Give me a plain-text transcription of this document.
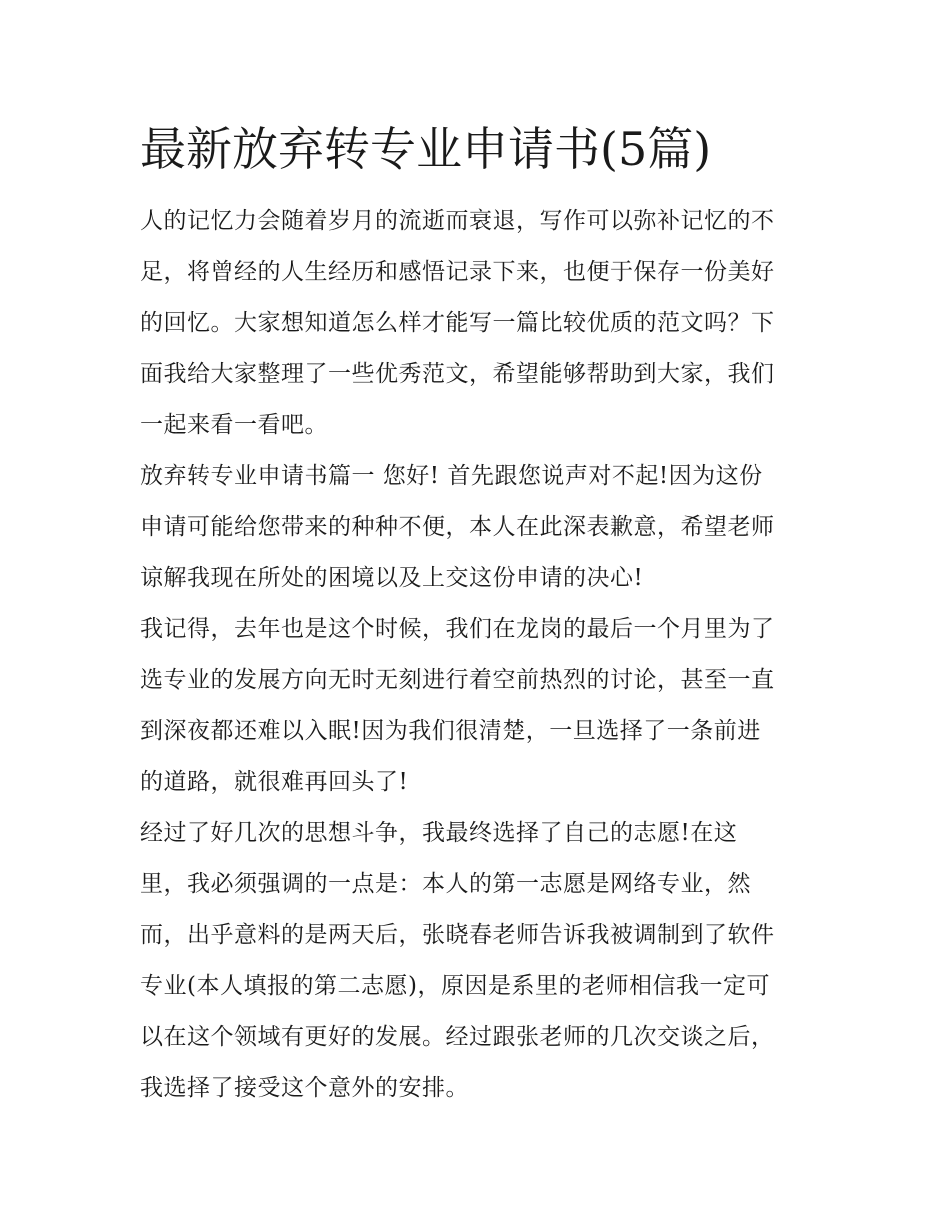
最新放弃转专业申请书(5篇)

人的记忆力会随着岁月的流逝而衰退，写作可以弥补记忆的不

足，将曾经的人生经历和感悟记录下来，也便于保存一份美好

的回忆。大家想知道怎么样才能写一篇比较优质的范文吗？下

面我给大家整理了一些优秀范文，希望能够帮助到大家，我们

一起来看一看吧。

放弃转专业申请书篇一 您好! 首先跟您说声对不起!因为这份

申请可能给您带来的种种不便，本人在此深表歉意，希望老师

谅解我现在所处的困境以及上交这份申请的决心!

我记得，去年也是这个时候，我们在龙岗的最后一个月里为了

选专业的发展方向无时无刻进行着空前热烈的讨论，甚至一直

到深夜都还难以入眠!因为我们很清楚，一旦选择了一条前进

的道路，就很难再回头了!

经过了好几次的思想斗争，我最终选择了自己的志愿!在这

里，我必须强调的一点是：本人的第一志愿是网络专业，然

而，出乎意料的是两天后，张晓春老师告诉我被调制到了软件

专业(本人填报的第二志愿)，原因是系里的老师相信我一定可

以在这个领域有更好的发展。经过跟张老师的几次交谈之后，

我选择了接受这个意外的安排。
